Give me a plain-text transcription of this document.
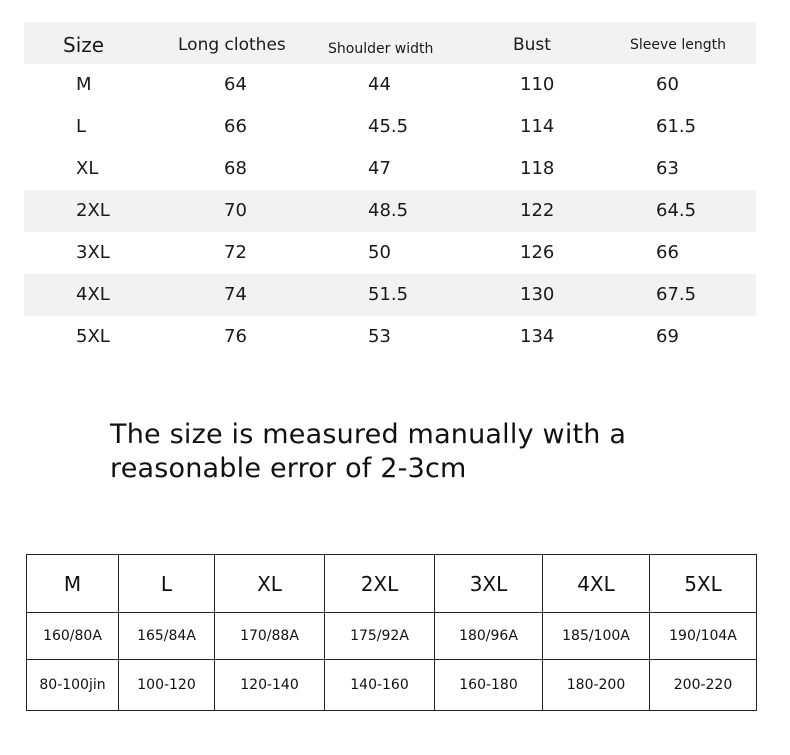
Size	Long clothes	Shoulder width	Bust	Sleeve length
M	64	44	110	60
L	66	45.5	114	61.5
XL	68	47	118	63
2XL	70	48.5	122	64.5
3XL	72	50	126	66
4XL	74	51.5	130	67.5
5XL	76	53	134	69
The size is measured manually with a
reasonable error of 2-3cm
M	L	XL	2XL	3XL	4XL	5XL
160/80A	165/84A	170/88A	175/92A	180/96A	185/100A	190/104A
80-100jin	100-120	120-140	140-160	160-180	180-200	200-220
